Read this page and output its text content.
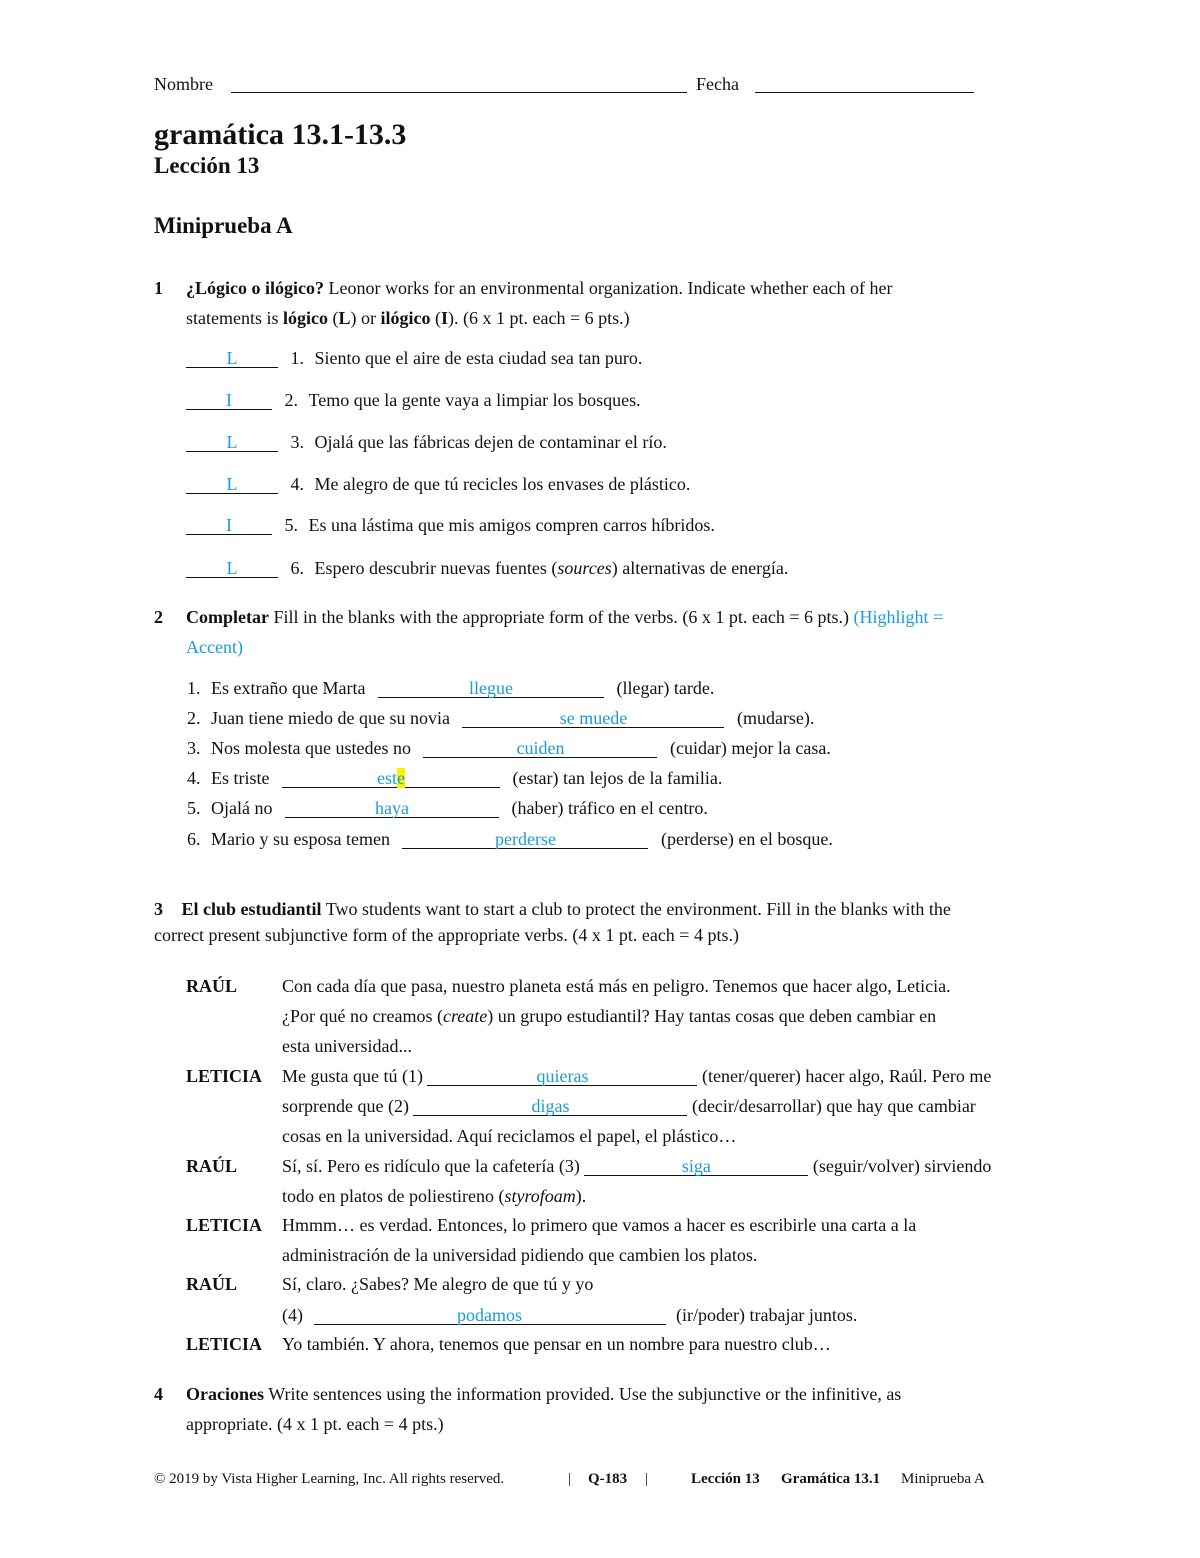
Nombre	Fecha
gramática 13.1-13.3
Lección 13
Miniprueba A
1 ¿Lógico o ilógico? Leonor works for an environmental organization. Indicate whether each of her
statements is lógico (L) or ilógico (I). (6 x 1 pt. each = 6 pts.)
L	1. Siento que el aire de esta ciudad sea tan puro.
I	2. Temo que la gente vaya a limpiar los bosques.
L	3. Ojalá que las fábricas dejen de contaminar el río.
L	4. Me alegro de que tú recicles los envases de plástico.
I	5. Es una lástima que mis amigos compren carros híbridos.
L	6. Espero descubrir nuevas fuentes (sources) alternativas de energía.
2 Completar Fill in the blanks with the appropriate form of the verbs. (6 x 1 pt. each = 6 pts.) (Highlight =
Accent)
1. Es extraño que Marta	llegue	(llegar) tarde.
2. Juan tiene miedo de que su novia	se muede	(mudarse).
3. Nos molesta que ustedes no	cuiden	(cuidar) mejor la casa.
4. Es triste	este	(estar) tan lejos de la familia.
5. Ojalá no	haya	(haber) tráfico en el centro.
6. Mario y su esposa temen	perderse	(perderse) en el bosque.
3 El club estudiantil Two students want to start a club to protect the environment. Fill in the blanks with the
correct present subjunctive form of the appropriate verbs. (4 x 1 pt. each = 4 pts.)
RAÚL Con cada día que pasa, nuestro planeta está más en peligro. Tenemos que hacer algo, Leticia.
¿Por qué no creamos (create) un grupo estudiantil? Hay tantas cosas que deben cambiar en
esta universidad...
LETICIA Me gusta que tú (1)	quieras	(tener/querer) hacer algo, Raúl. Pero me
sorprende que (2)	digas	(decir/desarrollar) que hay que cambiar
cosas en la universidad. Aquí reciclamos el papel, el plástico…
RAÚL Sí, sí. Pero es ridículo que la cafetería (3)	siga	(seguir/volver) sirviendo
todo en platos de poliestireno (styrofoam).
LETICIA Hmmm… es verdad. Entonces, lo primero que vamos a hacer es escribirle una carta a la
administración de la universidad pidiendo que cambien los platos.
RAÚL Sí, claro. ¿Sabes? Me alegro de que tú y yo
(4)	podamos	(ir/poder) trabajar juntos.
LETICIA Yo también. Y ahora, tenemos que pensar en un nombre para nuestro club…
4 Oraciones Write sentences using the information provided. Use the subjunctive or the infinitive, as
appropriate. (4 x 1 pt. each = 4 pts.)
© 2019 by Vista Higher Learning, Inc. All rights reserved.	| Q-183 |	Lección 13 Gramática 13.1 Miniprueba A
